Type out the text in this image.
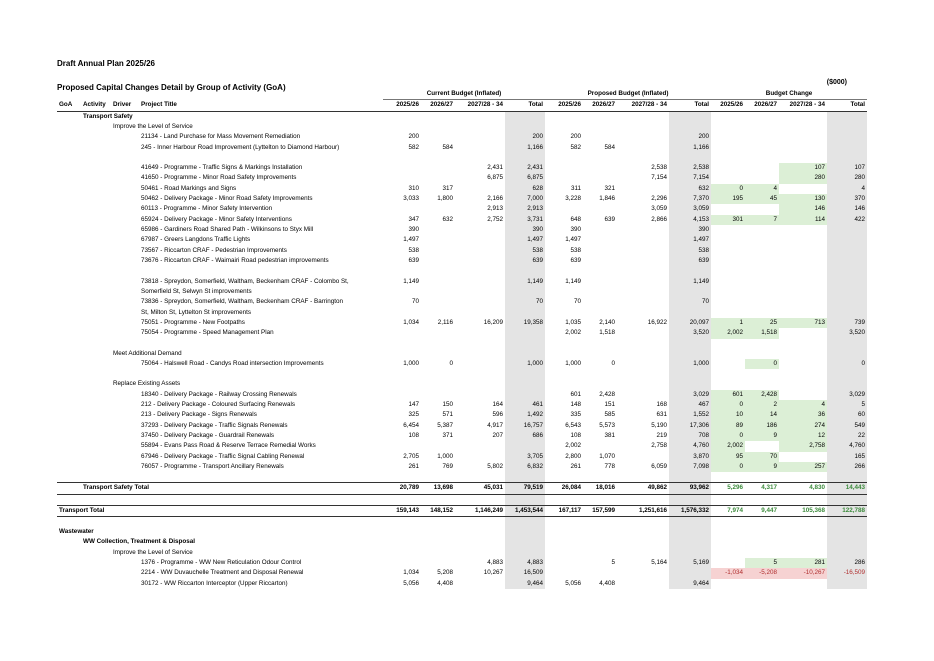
Draft Annual Plan 2025/26
Proposed Capital Changes Detail by Group of Activity (GoA)
($000)
				Current Budget (Inflated)				Proposed Budget (Inflated)				Budget Change			
GoA	Activity	Driver	Project Title	2025/26	2026/27	2027/28 - 34	Total	2025/26	2026/27	2027/28 - 34	Total	2025/26	2026/27	2027/28 - 34	Total
	Transport Safety														
		Improve the Level of Service													
			21134 - Land Purchase for Mass Movement Remediation	200			200	200			200				
			245 - Inner Harbour Road Improvement (Lyttelton to Diamond Harbour)	582	584		1,166	582	584		1,166				

			41649 - Programme - Traffic Signs & Markings Installation			2,431	2,431			2,538	2,538			107	107
			41650 - Programme - Minor Road Safety Improvements			6,875	6,875			7,154	7,154			280	280
			50461 - Road Markings and Signs	310	317		628	311	321		632	0	4		4
			50462 - Delivery Package - Minor Road Safety Improvements	3,033	1,800	2,166	7,000	3,228	1,846	2,296	7,370	195	45	130	370
			60113 - Programme - Minor Safety Intervention			2,913	2,913			3,059	3,059			146	146
			65924 - Delivery Package - Minor Safety Interventions	347	632	2,752	3,731	648	639	2,866	4,153	301	7	114	422
			65986 - Gardiners Road Shared Path - Wilkinsons to Styx Mill	390			390	390			390				
			67987 - Greers Langdons Traffic Lights	1,497			1,497	1,497			1,497				
			73567 - Riccarton CRAF - Pedestrian Improvements	538			538	538			538				
			73676 - Riccarton CRAF - Waimairi Road pedestrian improvements	639			639	639			639				

			73818 - Spreydon, Somerfield, Waltham, Beckenham CRAF - Colombo St,
Somerfield St, Selwyn St improvements	1,149			1,149	1,149			1,149				
			73836 - Spreydon, Somerfield, Waltham, Beckenham CRAF - Barrington
St, Milton St, Lyttelton St improvements	70			70	70			70				
			75051 - Programme - New Footpaths	1,034	2,116	16,209	19,358	1,035	2,140	16,922	20,097	1	25	713	739
			75054 - Programme - Speed Management Plan					2,002	1,518		3,520	2,002	1,518		3,520

		Meet Additional Demand													
			75064 - Halswell Road - Candys Road intersection Improvements	1,000	0		1,000	1,000	0		1,000		0		0

		Replace Existing Assets													
			18340 - Delivery Package - Railway Crossing Renewals					601	2,428		3,029	601	2,428		3,029
			212 - Delivery Package - Coloured Surfacing Renewals	147	150	164	461	148	151	168	467	0	2	4	5
			213 - Delivery Package - Signs Renewals	325	571	596	1,492	335	585	631	1,552	10	14	36	60
			37293 - Delivery Package - Traffic Signals Renewals	6,454	5,387	4,917	16,757	6,543	5,573	5,190	17,306	89	186	274	549
			37450 - Delivery Package - Guardrail Renewals	108	371	207	686	108	381	219	708	0	9	12	22
			55894 - Evans Pass Road & Reserve Terrace Remedial Works					2,002		2,758	4,760	2,002		2,758	4,760
			67946 - Delivery Package - Traffic Signal Cabling Renewal	2,705	1,000		3,705	2,800	1,070		3,870	95	70		165
			76057 - Programme - Transport Ancillary Renewals	261	769	5,802	6,832	261	778	6,059	7,098	0	9	257	266

	Transport Safety Total			20,789	13,698	45,031	79,519	26,084	18,016	49,862	93,962	5,296	4,317	4,830	14,443

Transport Total				159,143	148,152	1,146,249	1,453,544	167,117	157,599	1,251,616	1,576,332	7,974	9,447	105,368	122,788

Wastewater															
	WW Collection, Treatment & Disposal														
		Improve the Level of Service													
			1376 - Programme - WW New Reticulation Odour Control			4,883	4,883		5	5,164	5,169		5	281	286
			2214 - WW Duvauchelle Treatment and Disposal Renewal	1,034	5,208	10,267	16,509					-1,034	-5,208	-10,267	-16,509
			30172 - WW Riccarton Interceptor (Upper Riccarton)	5,056	4,408		9,464	5,056	4,408		9,464				
